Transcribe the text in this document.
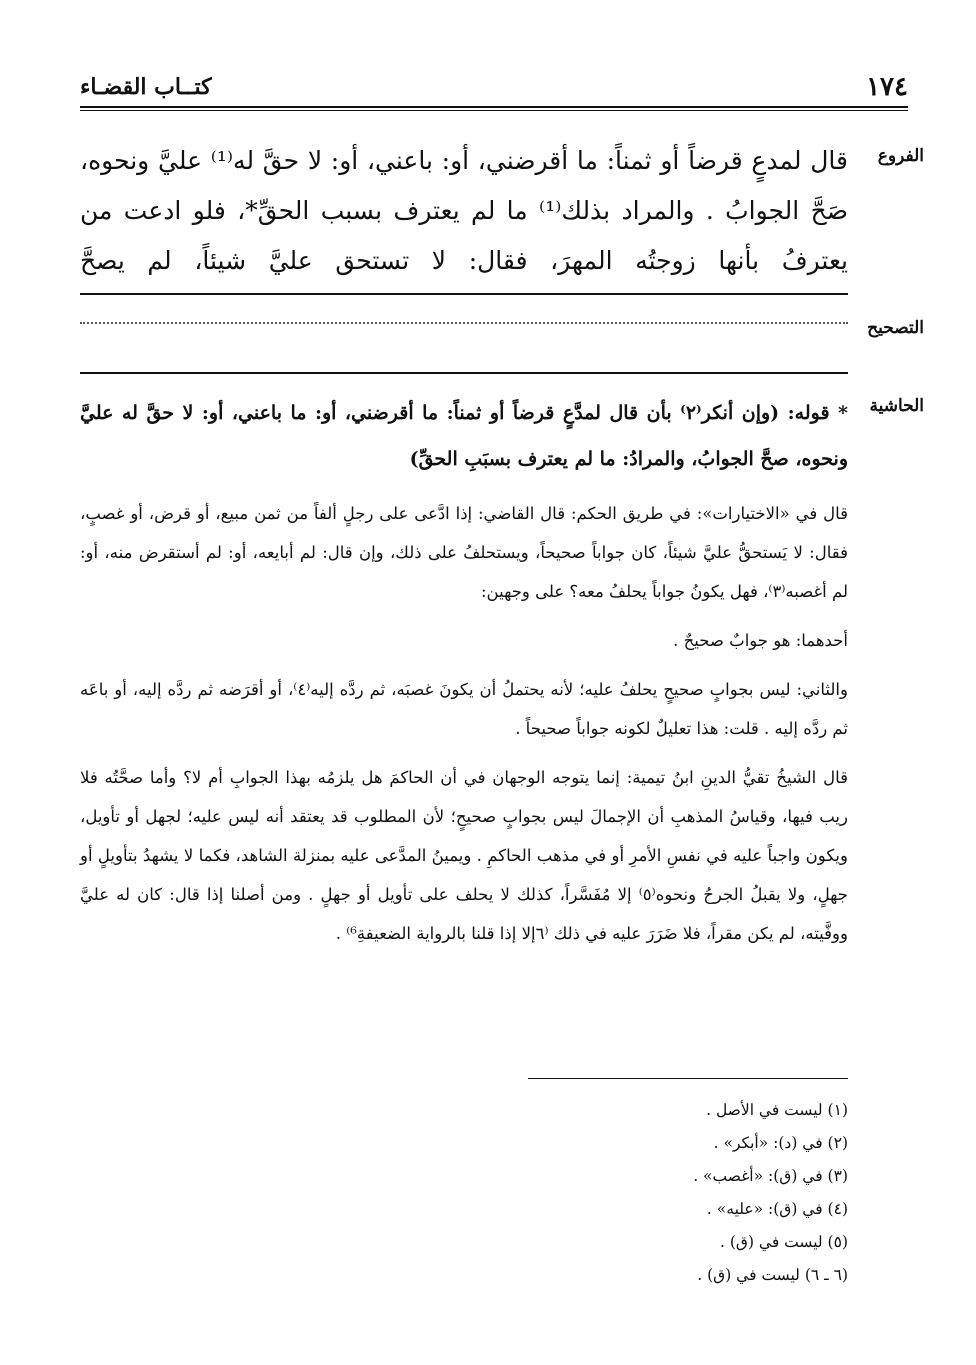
١٧٤
كتــاب القضـاء
الفروع
قال لمدعٍ قرضاً أو ثمناً: ما أقرضني، أو: باعني، أو: لا حقَّ له⁽¹⁾ عليَّ ونحوه، صَحَّ الجوابُ . والمراد بذلك⁽¹⁾ ما لم يعترف بسبب الحقِّ*، فلو ادعت من يعترفُ بأنها زوجتُه المهرَ، فقال: لا تستحق عليَّ شيئاً، لم يصحَّ
التصحيح
الحاشية
* قوله: (وإن أنكر⁽٢⁾ بأن قال لمدَّعٍ قرضاً أو ثمناً: ما أقرضني، أو: ما باعني، أو: لا حقَّ له عليَّ ونحوه، صحَّ الجوابُ، والمرادُ: ما لم يعترف بسبَبِ الحقِّ)

قال في «الاختيارات»: في طريق الحكم: قال القاضي: إذا ادَّعى على رجلٍ ألفاً من ثمن مبيع، أو قرض، أو غصبٍ، فقال: لا يَستحقُّ عليَّ شيئاً، كان جواباً صحيحاً، ويستحلفُ على ذلك، وإن قال: لم أبايعه، أو: لم أستقرض منه، أو: لم أغصبه⁽٣⁾، فهل يكونُ جواباً يحلفُ معه؟ على وجهين:

أحدهما: هو جوابٌ صحيحٌ .

والثاني: ليس بجوابٍ صحيحٍ يحلفُ عليه؛ لأنه يحتملُ أن يكونَ غصبَه، ثم ردَّه إليه⁽٤⁾، أو أقرَضه ثم ردَّه إليه، أو باعَه ثم ردَّه إليه . قلت: هذا تعليلٌ لكونه جواباً صحيحاً .

قال الشيخُ تقيُّ الدينِ ابنُ تيمية: إنما يتوجه الوجهان في أن الحاكمَ هل يلزمُه بهذا الجوابِ أم لا؟ وأما صحَّتُه فلا ريب فيها، وقياسُ المذهبِ أن الإجمالَ ليس بجوابٍ صحيحٍ؛ لأن المطلوب قد يعتقد أنه ليس عليه؛ لجهل أو تأويل، ويكون واجباً عليه في نفسِ الأمرِ أو في مذهب الحاكمِ . ويمينُ المدَّعى عليه بمنزلة الشاهد، فكما لا يشهدُ بتأويلٍ أو جهلٍ، ولا يقبلُ الجرحُ ونحوه⁽٥⁾ إلا مُفَسَّراً، كذلك لا يحلف على تأويل أو جهلٍ . ومن أصلنا إذا قال: كان له عليَّ ووفَّيته، لم يكن مقراً، فلا ضَرَرَ عليه في ذلك ⁽٦إلا إذا قلنا بالرواية الضعيفةِ⁶⁾ .

(١) ليست في الأصل .
(٢) في (د): «أبكر» .
(٣) في (ق): «أغصب» .
(٤) في (ق): «عليه» .
(٥) ليست في (ق) .
(٦ ـ ٦) ليست في (ق) .
